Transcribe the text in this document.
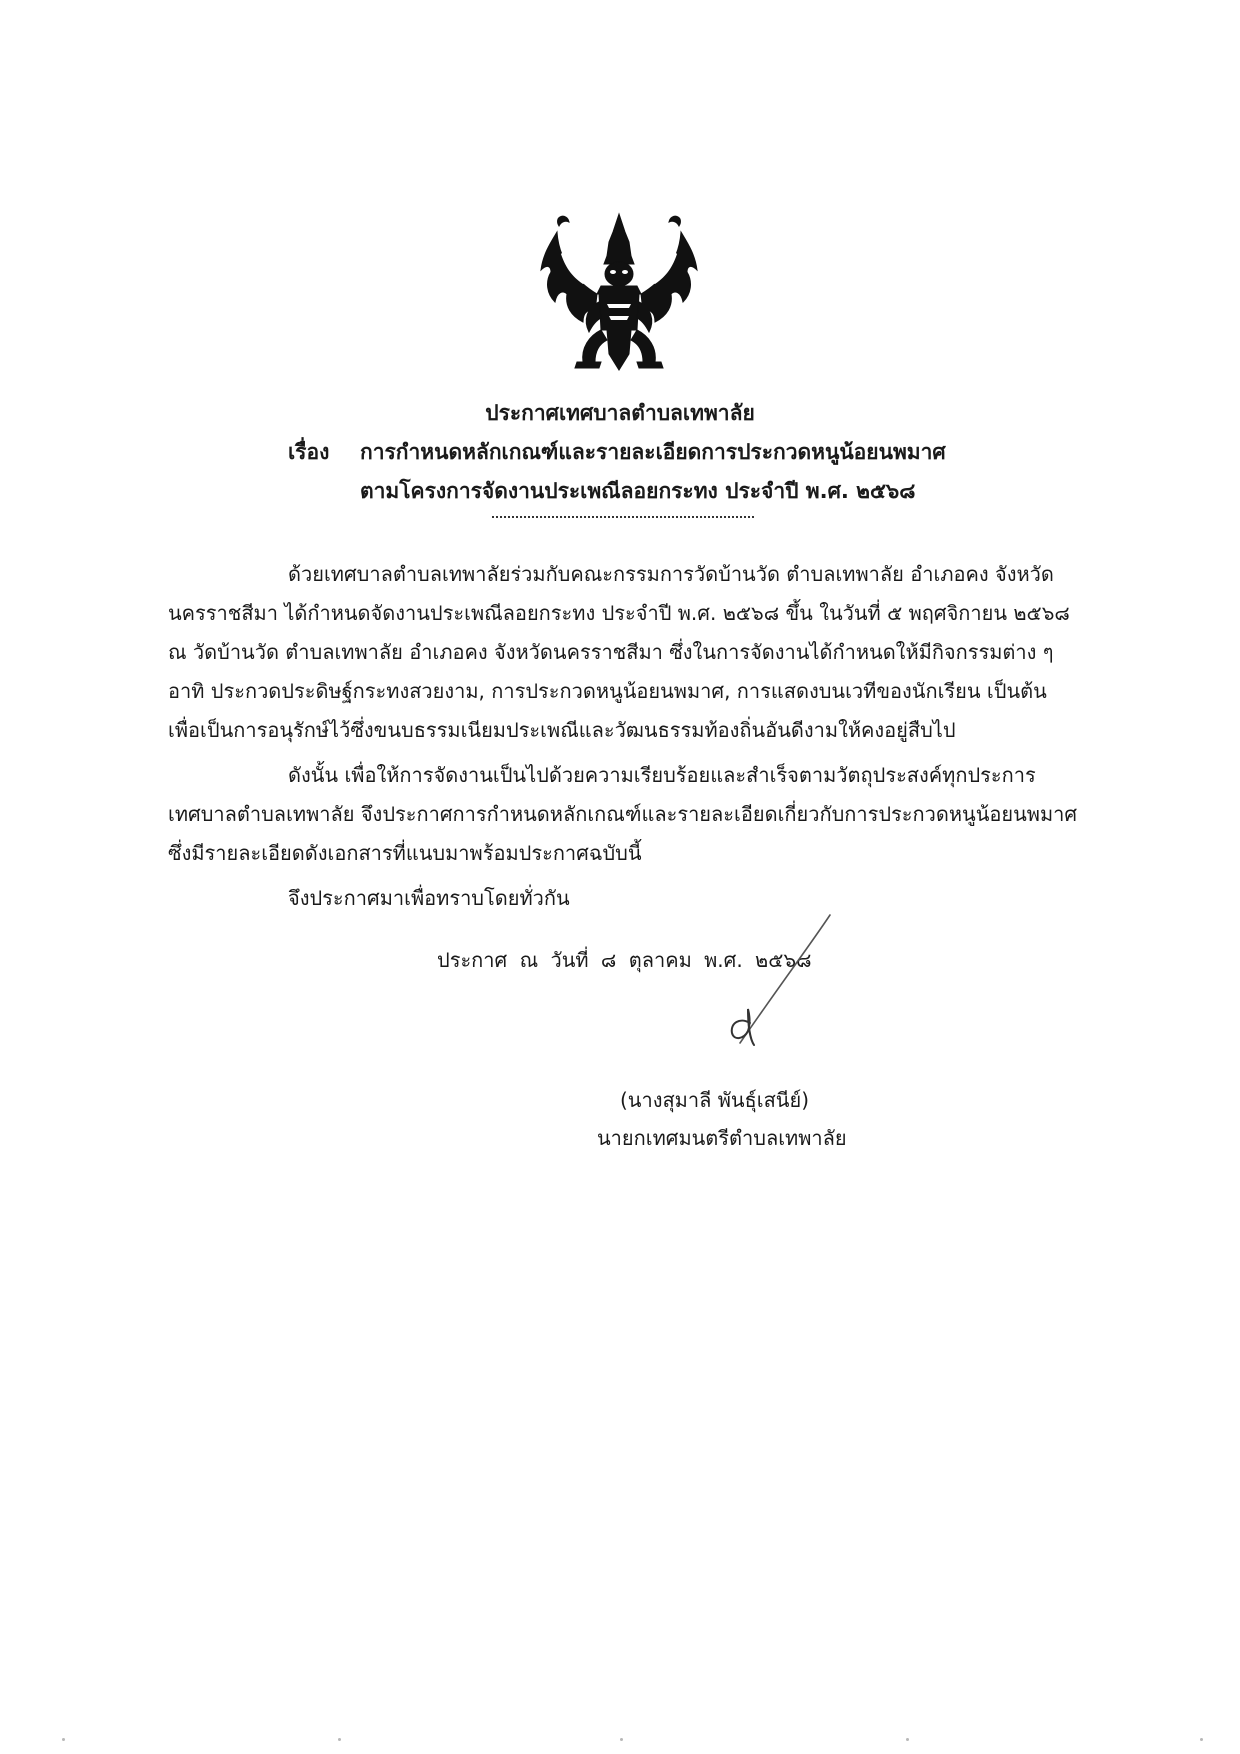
ประกาศเทศบาลตำบลเทพาลัย
เรื่อง การกำหนดหลักเกณฑ์และรายละเอียดการประกวดหนูน้อยนพมาศ
ตามโครงการจัดงานประเพณีลอยกระทง ประจำปี พ.ศ. ๒๕๖๘
ด้วยเทศบาลตำบลเทพาลัยร่วมกับคณะกรรมการวัดบ้านวัด ตำบลเทพาลัย อำเภอคง จังหวัด
นครราชสีมา ได้กำหนดจัดงานประเพณีลอยกระทง ประจำปี พ.ศ. ๒๕๖๘ ขึ้น ในวันที่ ๕ พฤศจิกายน ๒๕๖๘
ณ วัดบ้านวัด ตำบลเทพาลัย อำเภอคง จังหวัดนครราชสีมา ซึ่งในการจัดงานได้กำหนดให้มีกิจกรรมต่าง ๆ
อาทิ ประกวดประดิษฐ์กระทงสวยงาม, การประกวดหนูน้อยนพมาศ, การแสดงบนเวทีของนักเรียน เป็นต้น
เพื่อเป็นการอนุรักษ์ไว้ซึ่งขนบธรรมเนียมประเพณีและวัฒนธรรมท้องถิ่นอันดีงามให้คงอยู่สืบไป
ดังนั้น เพื่อให้การจัดงานเป็นไปด้วยความเรียบร้อยและสำเร็จตามวัตถุประสงค์ทุกประการ
เทศบาลตำบลเทพาลัย จึงประกาศการกำหนดหลักเกณฑ์และรายละเอียดเกี่ยวกับการประกวดหนูน้อยนพมาศ
ซึ่งมีรายละเอียดดังเอกสารที่แนบมาพร้อมประกาศฉบับนี้
จึงประกาศมาเพื่อทราบโดยทั่วกัน
ประกาศ ณ วันที่ ๘ ตุลาคม พ.ศ. ๒๕๖๘
(นางสุมาลี พันธุ์เสนีย์)
นายกเทศมนตรีตำบลเทพาลัย
